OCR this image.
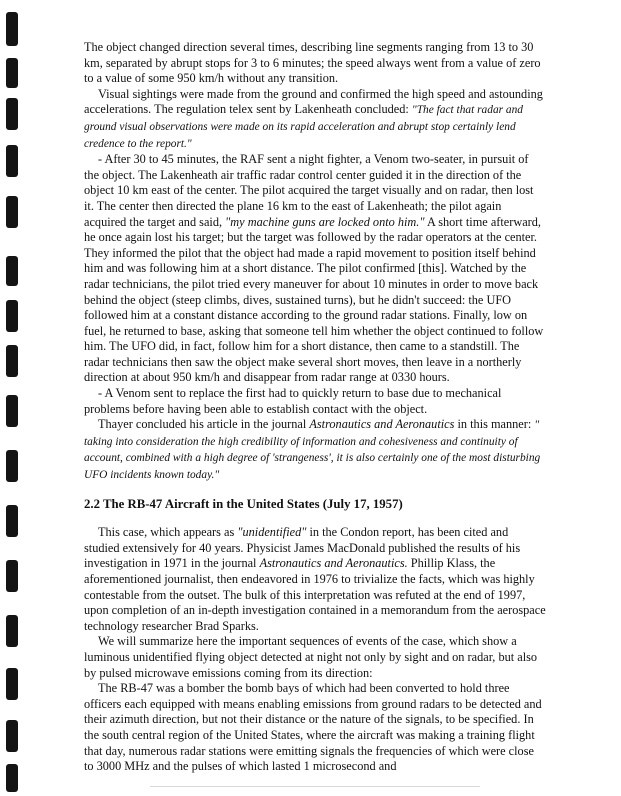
The object changed direction several times, describing line segments ranging from 13 to 30 km, separated by abrupt stops for 3 to 6 minutes; the speed always went from a value of zero to a value of some 950 km/h without any transition.

Visual sightings were made from the ground and confirmed the high speed and astounding accelerations. The regulation telex sent by Lakenheath concluded: "The fact that radar and ground visual observations were made on its rapid acceleration and abrupt stop certainly lend credence to the report."

- After 30 to 45 minutes, the RAF sent a night fighter, a Venom two-seater, in pursuit of the object. The Lakenheath air traffic radar control center guided it in the direction of the object 10 km east of the center. The pilot acquired the target visually and on radar, then lost it. The center then directed the plane 16 km to the east of Lakenheath; the pilot again acquired the target and said, "my machine guns are locked onto him." A short time afterward, he once again lost his target; but the target was followed by the radar operators at the center. They informed the pilot that the object had made a rapid movement to position itself behind him and was following him at a short distance. The pilot confirmed [this]. Watched by the radar technicians, the pilot tried every maneuver for about 10 minutes in order to move back behind the object (steep climbs, dives, sustained turns), but he didn't succeed: the UFO followed him at a constant distance according to the ground radar stations. Finally, low on fuel, he returned to base, asking that someone tell him whether the object continued to follow him. The UFO did, in fact, follow him for a short distance, then came to a standstill. The radar technicians then saw the object make several short moves, then leave in a northerly direction at about 950 km/h and disappear from radar range at 0330 hours.

- A Venom sent to replace the first had to quickly return to base due to mechanical problems before having been able to establish contact with the object.

Thayer concluded his article in the journal Astronautics and Aeronautics in this manner: " taking into consideration the high credibility of information and cohesiveness and continuity of account, combined with a high degree of 'strangeness', it is also certainly one of the most disturbing UFO incidents known today."

2.2 The RB-47 Aircraft in the United States (July 17, 1957)

This case, which appears as "unidentified" in the Condon report, has been cited and studied extensively for 40 years. Physicist James MacDonald published the results of his investigation in 1971 in the journal Astronautics and Aeronautics. Phillip Klass, the aforementioned journalist, then endeavored in 1976 to trivialize the facts, which was highly contestable from the outset. The bulk of this interpretation was refuted at the end of 1997, upon completion of an in-depth investigation contained in a memorandum from the aerospace technology researcher Brad Sparks.

We will summarize here the important sequences of events of the case, which show a luminous unidentified flying object detected at night not only by sight and on radar, but also by pulsed microwave emissions coming from its direction:

The RB-47 was a bomber the bomb bays of which had been converted to hold three officers each equipped with means enabling emissions from ground radars to be detected and their azimuth direction, but not their distance or the nature of the signals, to be specified. In the south central region of the United States, where the aircraft was making a training flight that day, numerous radar stations were emitting signals the frequencies of which were close to 3000 MHz and the pulses of which lasted 1 microsecond and
